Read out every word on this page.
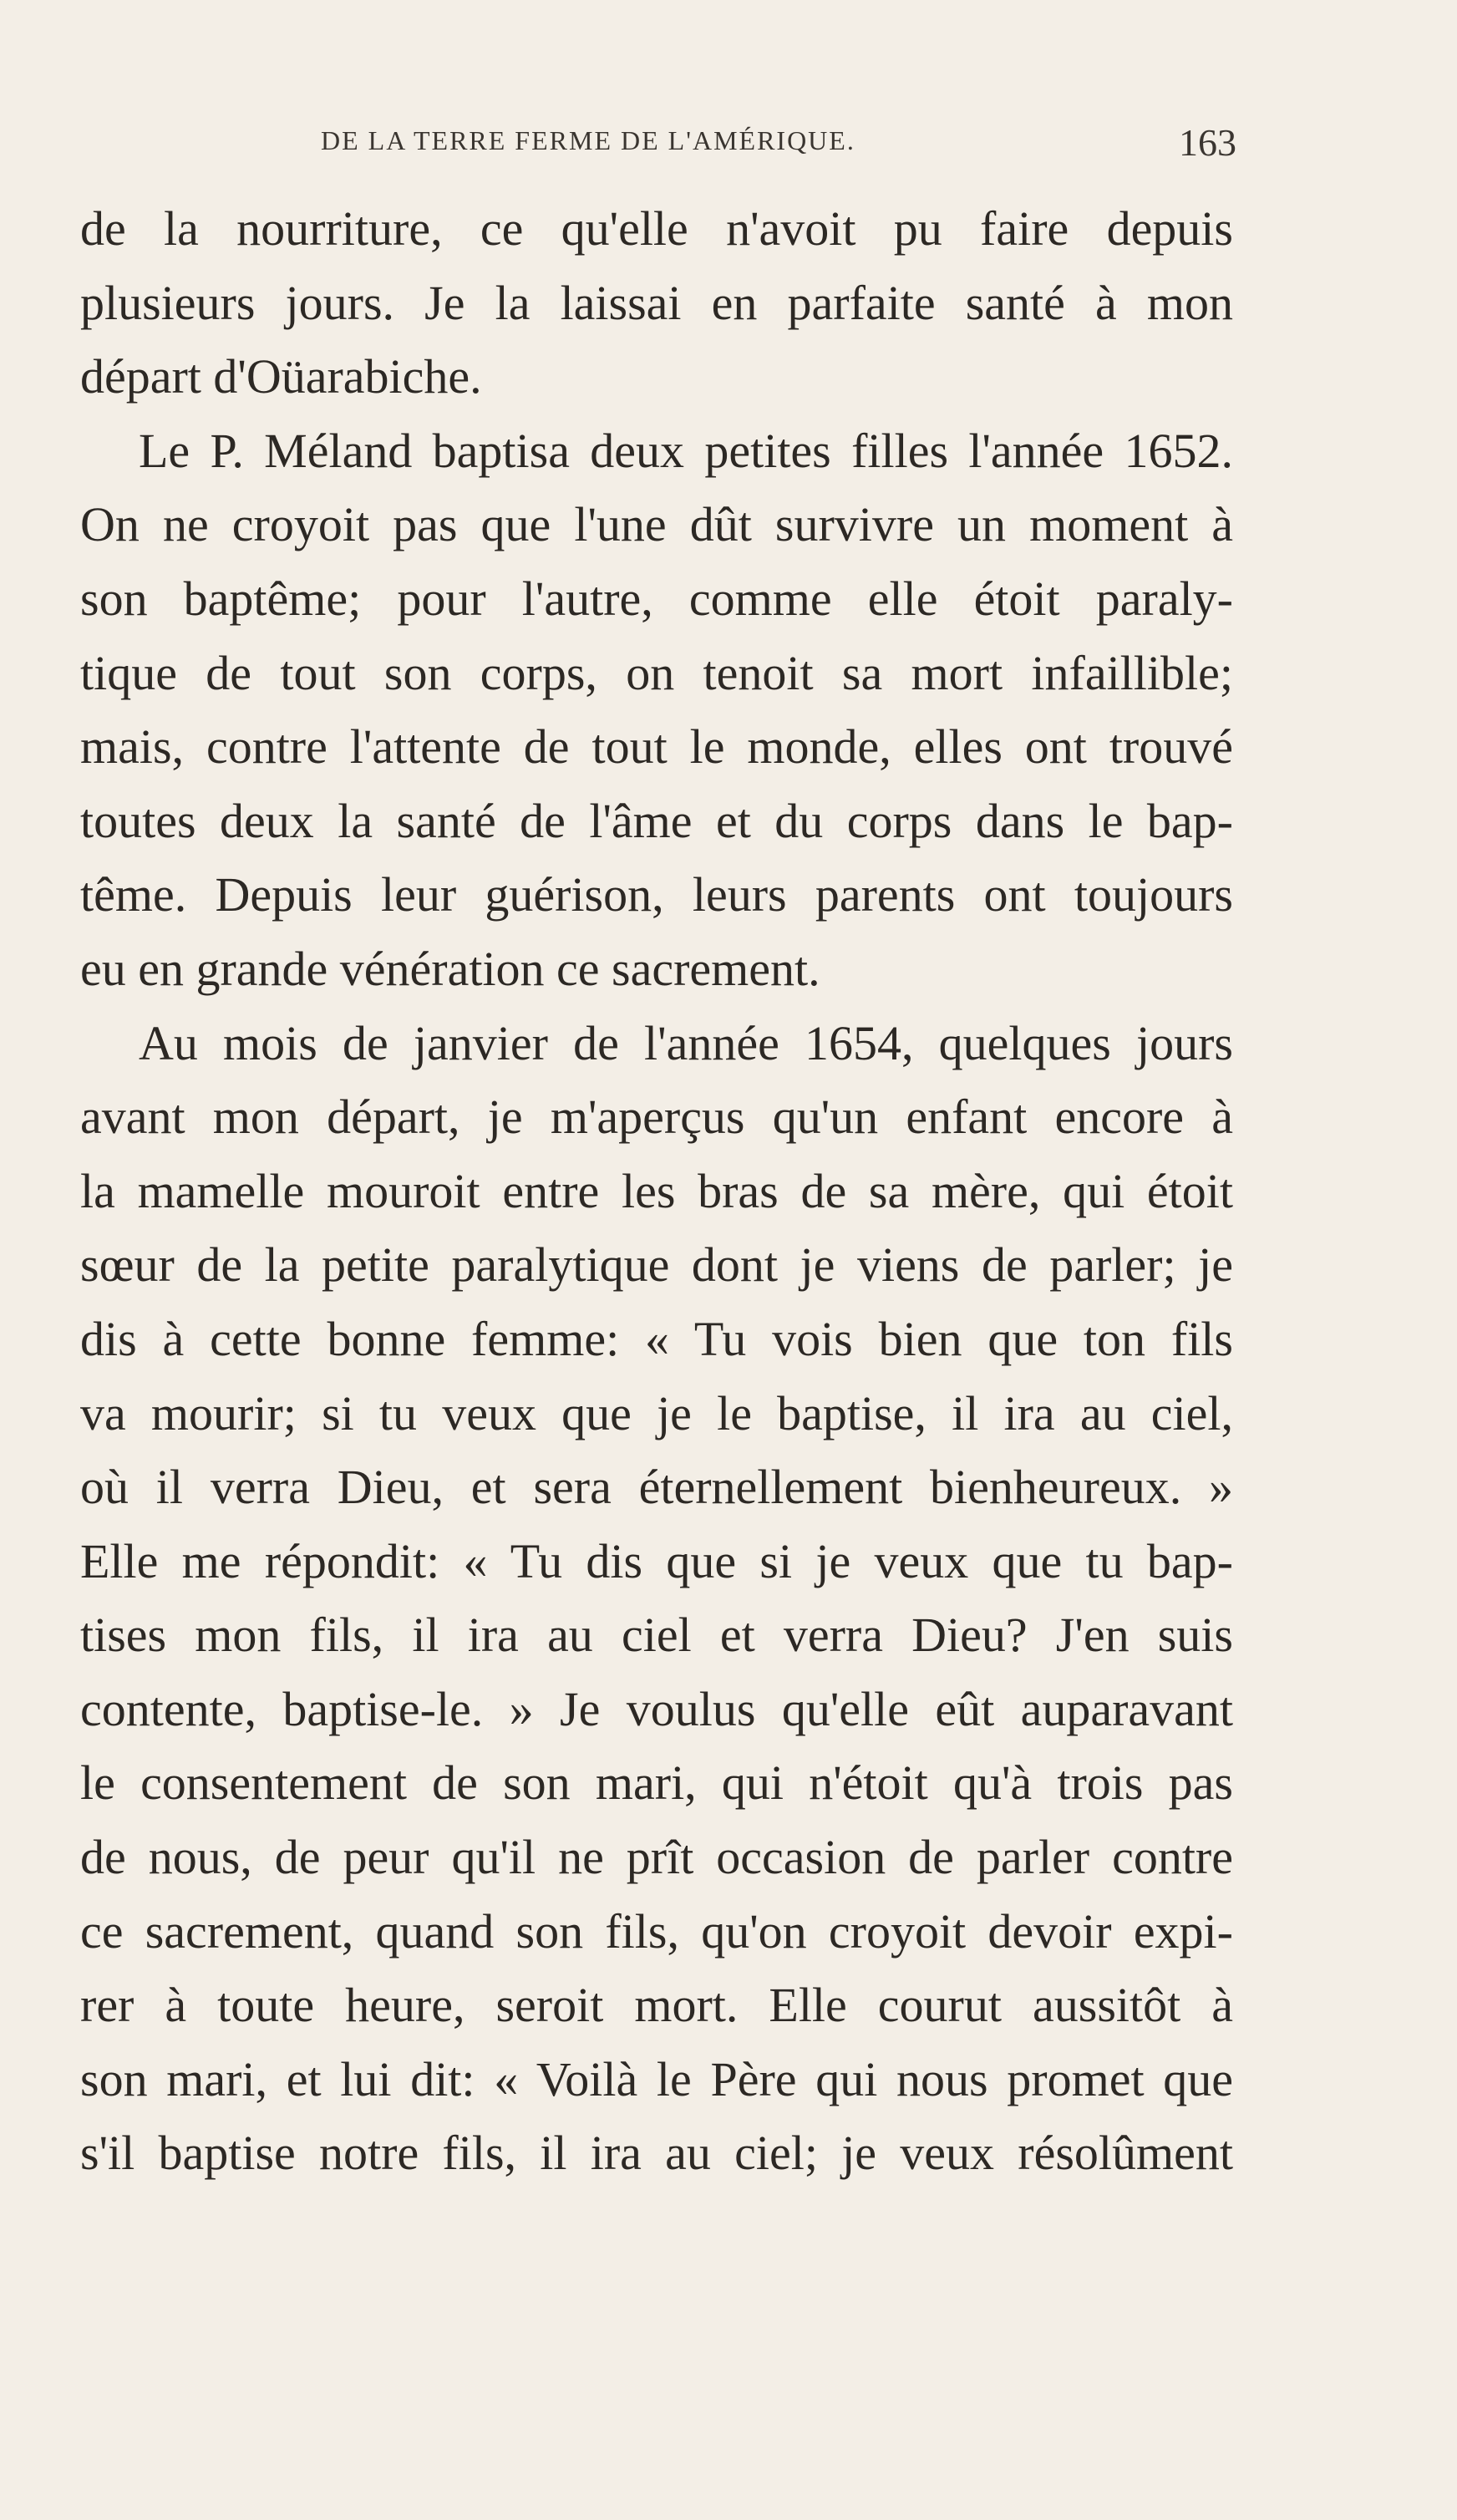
DE LA TERRE FERME DE L'AMÉRIQUE.	163
de la nourriture, ce qu'elle n'avoit pu faire depuis
plusieurs jours. Je la laissai en parfaite santé à mon
départ d'Oüarabiche.
Le P. Méland baptisa deux petites filles l'année 1652.
On ne croyoit pas que l'une dût survivre un moment à
son baptême; pour l'autre, comme elle étoit paraly-
tique de tout son corps, on tenoit sa mort infaillible;
mais, contre l'attente de tout le monde, elles ont trouvé
toutes deux la santé de l'âme et du corps dans le bap-
tême. Depuis leur guérison, leurs parents ont toujours
eu en grande vénération ce sacrement.
Au mois de janvier de l'année 1654, quelques jours
avant mon départ, je m'aperçus qu'un enfant encore à
la mamelle mouroit entre les bras de sa mère, qui étoit
sœur de la petite paralytique dont je viens de parler; je
dis à cette bonne femme: « Tu vois bien que ton fils
va mourir; si tu veux que je le baptise, il ira au ciel,
où il verra Dieu, et sera éternellement bienheureux. »
Elle me répondit: « Tu dis que si je veux que tu bap-
tises mon fils, il ira au ciel et verra Dieu? J'en suis
contente, baptise-le. » Je voulus qu'elle eût auparavant
le consentement de son mari, qui n'étoit qu'à trois pas
de nous, de peur qu'il ne prît occasion de parler contre
ce sacrement, quand son fils, qu'on croyoit devoir expi-
rer à toute heure, seroit mort. Elle courut aussitôt à
son mari, et lui dit: « Voilà le Père qui nous promet que
s'il baptise notre fils, il ira au ciel; je veux résolûment
